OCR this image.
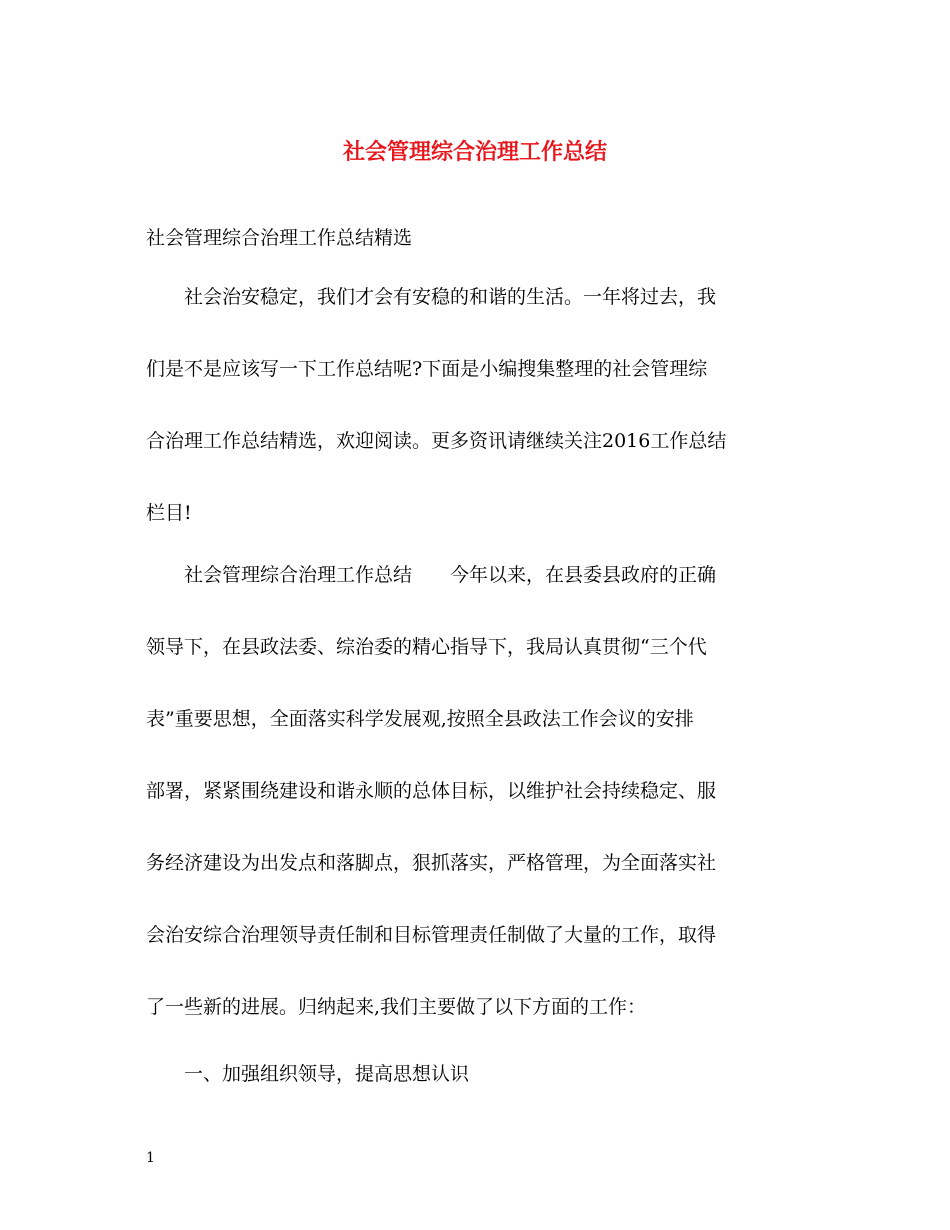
社会管理综合治理工作总结

社会管理综合治理工作总结精选

　　社会治安稳定，我们才会有安稳的和谐的生活。一年将过去，我

们是不是应该写一下工作总结呢?下面是小编搜集整理的社会管理综

合治理工作总结精选，欢迎阅读。更多资讯请继续关注2016工作总结

栏目!

　　社会管理综合治理工作总结　　今年以来，在县委县政府的正确

领导下，在县政法委、综治委的精心指导下，我局认真贯彻“三个代

表”重要思想，全面落实科学发展观,按照全县政法工作会议的安排

部署，紧紧围绕建设和谐永顺的总体目标，以维护社会持续稳定、服

务经济建设为出发点和落脚点，狠抓落实，严格管理，为全面落实社

会治安综合治理领导责任制和目标管理责任制做了大量的工作，取得

了一些新的进展。归纳起来,我们主要做了以下方面的工作：

　　一、加强组织领导，提高思想认识

1
